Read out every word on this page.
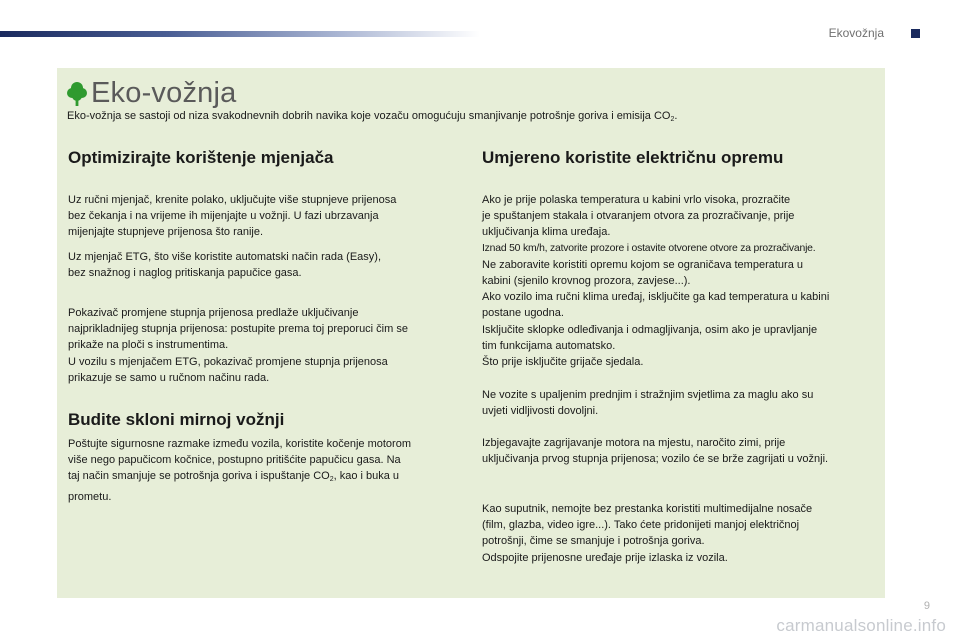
Ekovožnja
Eko-vožnja
Eko-vožnja se sastoji od niza svakodnevnih dobrih navika koje vozaču omogućuju smanjivanje potrošnje goriva i emisija $CO_2$.
Optimizirajte korištenje mjenjača
Uz ručni mjenjač, krenite polako, uključujte više stupnjeve prijenosa
bez čekanja i na vrijeme ih mijenjajte u vožnji. U fazi ubrzavanja
mijenjajte stupnjeve prijenosa što ranije.
Uz mjenjač ETG, što više koristite automatski način rada (Easy),
bez snažnog i naglog pritiskanja papučice gasa.
Pokazivač promjene stupnja prijenosa predlaže uključivanje
najprikladnijeg stupnja prijenosa: postupite prema toj preporuci čim se
prikaže na ploči s instrumentima.
U vozilu s mjenjačem ETG, pokazivač promjene stupnja prijenosa
prikazuje se samo u ručnom načinu rada.
Budite skloni mirnoj vožnji
Poštujte sigurnosne razmake između vozila, koristite kočenje motorom
više nego papučicom kočnice, postupno pritišćite papučicu gasa. Na
taj način smanjuje se potrošnja goriva i ispuštanje $CO_2$, kao i buka u
prometu.
Umjereno koristite električnu opremu
Ako je prije polaska temperatura u kabini vrlo visoka, prozračite
je spuštanjem stakala i otvaranjem otvora za prozračivanje, prije
uključivanja klima uređaja.
Iznad 50 km/h, zatvorite prozore i ostavite otvorene otvore za prozračivanje.
Ne zaboravite koristiti opremu kojom se ograničava temperatura u
kabini (sjenilo krovnog prozora, zavjese...).
Ako vozilo ima ručni klima uređaj, isključite ga kad temperatura u kabini
postane ugodna.
Isključite sklopke odleđivanja i odmagljivanja, osim ako je upravljanje
tim funkcijama automatsko.
Što prije isključite grijače sjedala.
Ne vozite s upaljenim prednjim i stražnjim svjetlima za maglu ako su
uvjeti vidljivosti dovoljni.
Izbjegavajte zagrijavanje motora na mjestu, naročito zimi, prije
uključivanja prvog stupnja prijenosa; vozilo će se brže zagrijati u vožnji.
Kao suputnik, nemojte bez prestanka koristiti multimedijalne nosače
(film, glazba, video igre...). Tako ćete pridonijeti manjoj električnoj
potrošnji, čime se smanjuje i potrošnja goriva.
Odspojite prijenosne uređaje prije izlaska iz vozila.
9
carmanualsonline.info
